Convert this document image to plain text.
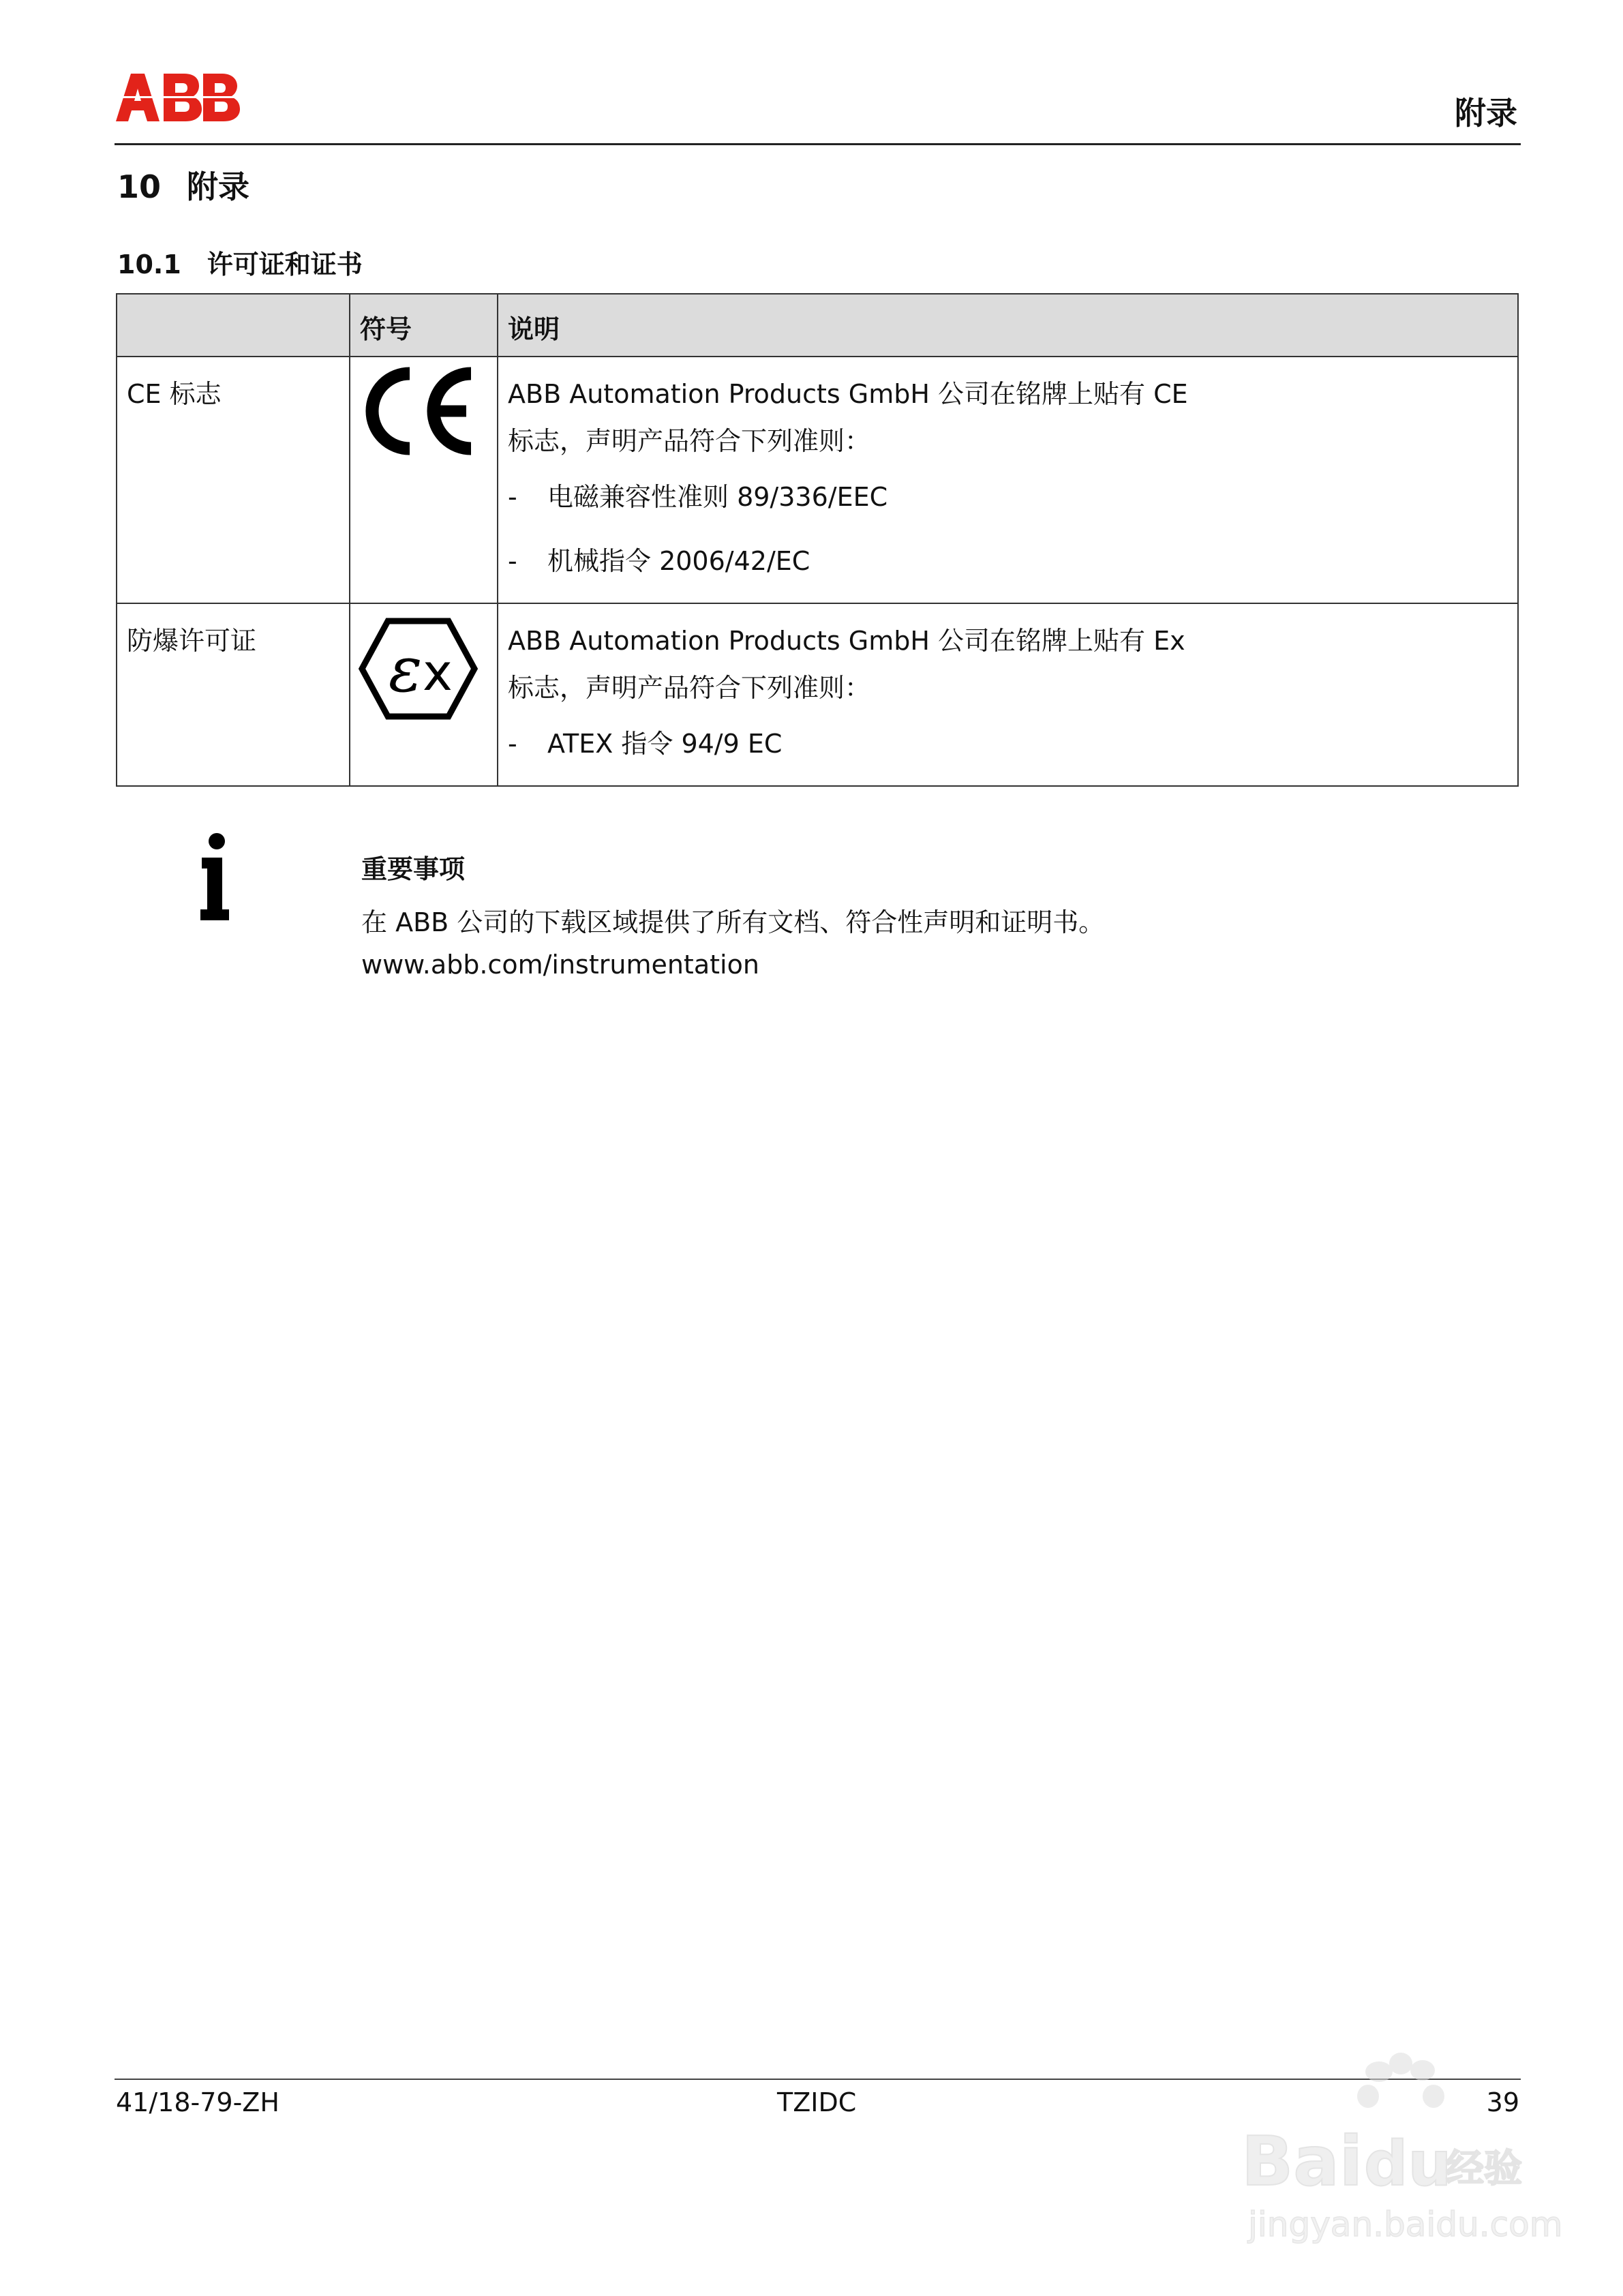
附录
10 附录
10.1 许可证和证书
	符号	说明

CE 标志		ABB Automation Products GmbH 公司在铭牌上贴有 CE
标志，声明产品符合下列准则：
- 电磁兼容性准则 89/336/EEC
- 机械指令 2006/42/EC

防爆许可证	ε x	ABB Automation Products GmbH 公司在铭牌上贴有 Ex
标志，声明产品符合下列准则：
- ATEX 指令 94/9 EC
重要事项
在 ABB 公司的下载区域提供了所有文档、符合性声明和证明书。
www.abb.com/instrumentation
41/18-79-ZH	TZIDC	39
Bai du
经验
jingyan.baidu.com
